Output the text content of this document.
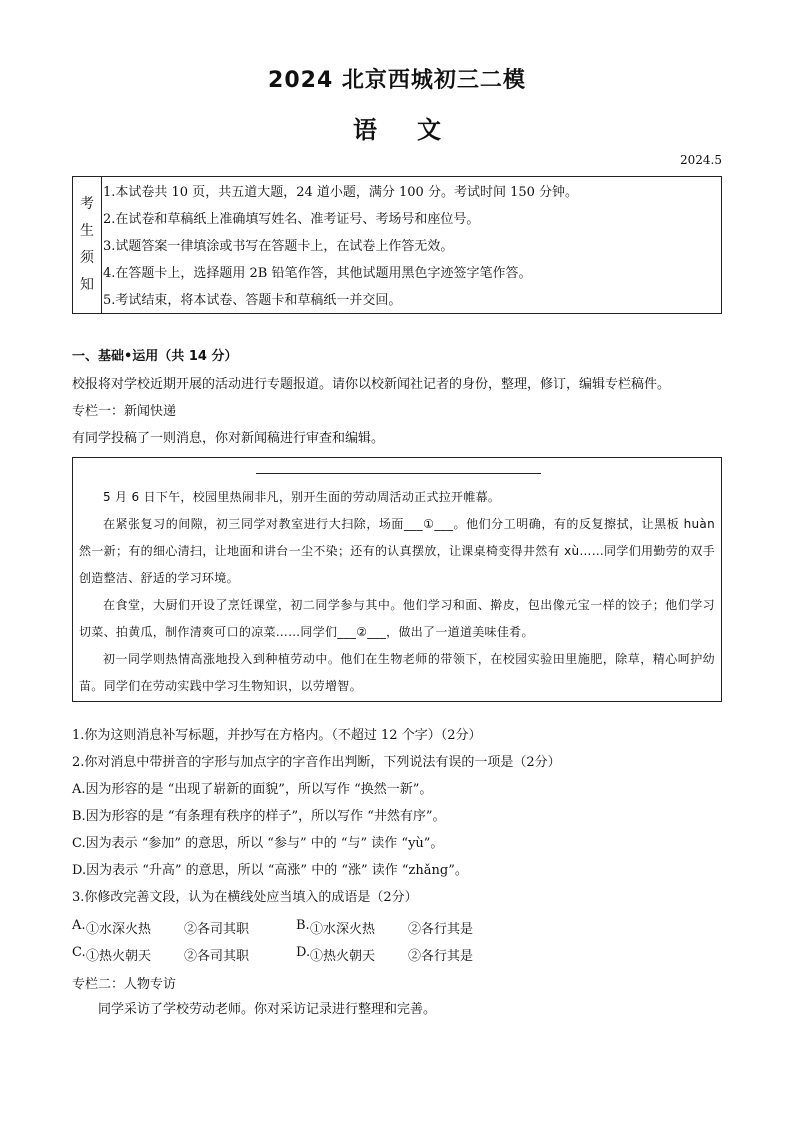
2024 北京西城初三二模
语文
2024.5
考
生
须
知
1.本试卷共 10 页，共五道大题，24 道小题，满分 100 分。考试时间 150 分钟。
2.在试卷和草稿纸上准确填写姓名、准考证号、考场号和座位号。
3.试题答案一律填涂或书写在答题卡上，在试卷上作答无效。
4.在答题卡上，选择题用 2B 铅笔作答，其他试题用黑色字迹签字笔作答。
5.考试结束，将本试卷、答题卡和草稿纸一并交回。
一、基础•运用（共 14 分）
校报将对学校近期开展的活动进行专题报道。请你以校新闻社记者的身份，整理，修订，编辑专栏稿件。
专栏一：新闻快递
有同学投稿了一则消息，你对新闻稿进行审查和编辑。

5 月 6 日下午，校园里热闹非凡，别开生面的劳动周活动正式拉开帷幕。

在紧张复习的间隙，初三同学对教室进行大扫除，场面___①___。他们分工明确，有的反复擦拭，让黑板 huàn 然一新；有的细心清扫，让地面和讲台一尘不染；还有的认真摆放，让课桌椅变得井然有 xù……同学们用勤劳的双手创造整洁、舒适的学习环境。

在食堂，大厨们开设了烹饪课堂，初二同学参与其中。他们学习和面、擀皮，包出像元宝一样的饺子；他们学习切菜、拍黄瓜，制作清爽可口的凉菜……同学们___②___，做出了一道道美味佳肴。

初一同学则热情高涨地投入到种植劳动中。他们在生物老师的带领下，在校园实验田里施肥，除草，精心呵护幼苗。同学们在劳动实践中学习生物知识，以劳增智。

1.你为这则消息补写标题，并抄写在方格内。（不超过 12 个字）（2分）
2.你对消息中带拼音的字形与加点字的字音作出判断，下列说法有误的一项是（2分）
A.因为形容的是 “出现了崭新的面貌”，所以写作 “换然一新”。
B.因为形容的是 “有条理有秩序的样子”，所以写作 “井然有序”。
C.因为表示 “参加” 的意思，所以 “参与” 中的 “与” 读作 “yù”。
D.因为表示 “升高” 的意思，所以 “高涨” 中的 “涨” 读作 “zhǎng”。
3.你修改完善文段，认为在横线处应当填入的成语是（2分）
A. ①水深火热	②各司其职	B. ①水深火热	②各行其是
C. ①热火朝天	②各司其职	D. ①热火朝天	②各行其是
专栏二：人物专访
同学采访了学校劳动老师。你对采访记录进行整理和完善。
